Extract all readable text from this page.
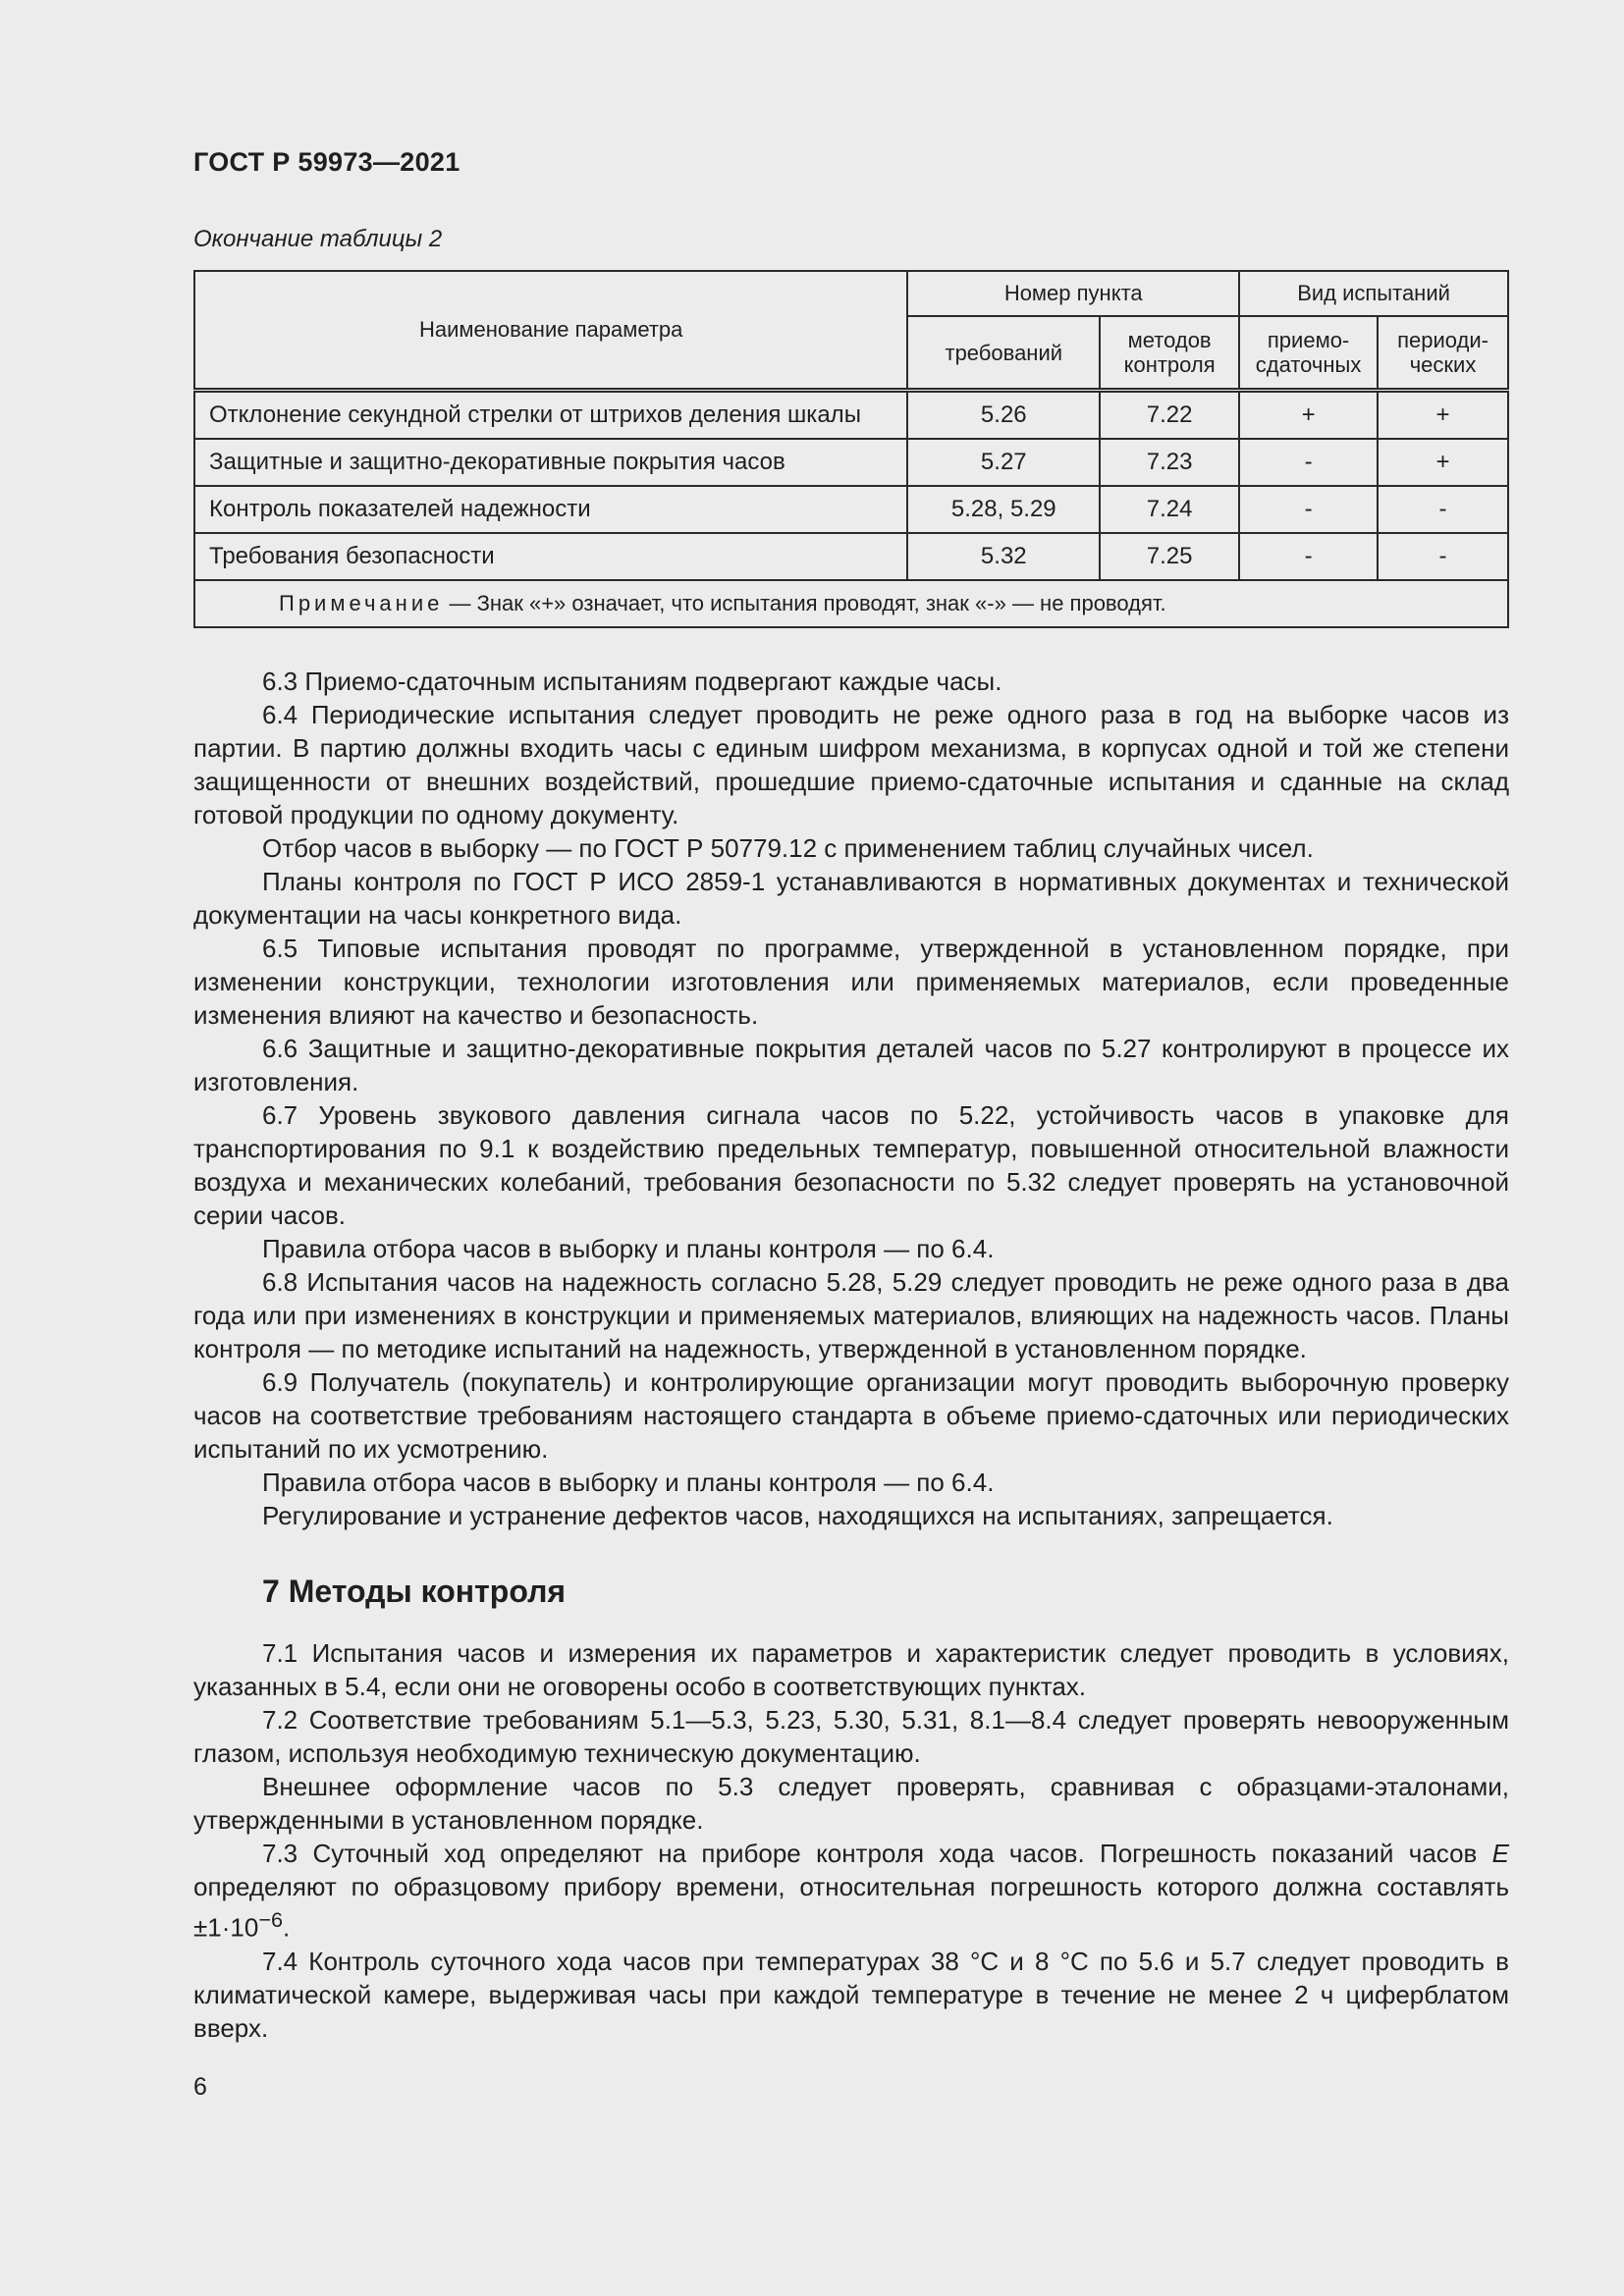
ГОСТ Р 59973—2021
Окончание таблицы 2
Наименование параметра	Номер пункта		Вид испытаний	
	требований	методов контроля	приемо-сдаточных	периоди-ческих
Отклонение секундной стрелки от штрихов деления шкалы	5.26	7.22	+	+
Защитные и защитно-декоративные покрытия часов	5.27	7.23	-	+
Контроль показателей надежности	5.28, 5.29	7.24	-	-
Требования безопасности	5.32	7.25	-	-
Примечание — Знак «+» означает, что испытания проводят, знак «-» — не проводят.				

6.3 Приемо-сдаточным испытаниям подвергают каждые часы.

6.4 Периодические испытания следует проводить не реже одного раза в год на выборке часов из партии. В партию должны входить часы с единым шифром механизма, в корпусах одной и той же степени защищенности от внешних воздействий, прошедшие приемо-сдаточные испытания и сданные на склад готовой продукции по одному документу.

Отбор часов в выборку — по ГОСТ Р 50779.12 с применением таблиц случайных чисел.

Планы контроля по ГОСТ Р ИСО 2859-1 устанавливаются в нормативных документах и техничеcкой документации на часы конкретного вида.

6.5 Типовые испытания проводят по программе, утвержденной в установленном порядке, при изменении конструкции, технологии изготовления или применяемых материалов, если проведенные изменения влияют на качество и безопасность.

6.6 Защитные и защитно-декоративные покрытия деталей часов по 5.27 контролируют в процессе их изготовления.

6.7 Уровень звукового давления сигнала часов по 5.22, устойчивость часов в упаковке для транспортирования по 9.1 к воздействию предельных температур, повышенной относительной влажности воздуха и механических колебаний, требования безопасности по 5.32 следует проверять на установочной серии часов.

Правила отбора часов в выборку и планы контроля — по 6.4.

6.8 Испытания часов на надежность согласно 5.28, 5.29 следует проводить не реже одного раза в два года или при изменениях в конструкции и применяемых материалов, влияющих на надежность часов. Планы контроля — по методике испытаний на надежность, утвержденной в установленном порядке.

6.9 Получатель (покупатель) и контролирующие организации могут проводить выборочную проверку часов на соответствие требованиям настоящего стандарта в объеме приемо-сдаточных или периодических испытаний по их усмотрению.

Правила отбора часов в выборку и планы контроля — по 6.4.

Регулирование и устранение дефектов часов, находящихся на испытаниях, запрещается.

7 Методы контроля

7.1 Испытания часов и измерения их параметров и характеристик следует проводить в условиях, указанных в 5.4, если они не оговорены особо в соответствующих пунктах.

7.2 Соответствие требованиям 5.1—5.3, 5.23, 5.30, 5.31, 8.1—8.4 следует проверять невооруженным глазом, используя необходимую техническую документацию.

Внешнее оформление часов по 5.3 следует проверять, сравнивая с образцами-эталонами, утвержденными в установленном порядке.

7.3 Суточный ход определяют на приборе контроля хода часов. Погрешность показаний часов E определяют по образцовому прибору времени, относительная погрешность которого должна составлять $\pm 1\cdot 10^{-6}$.

7.4 Контроль суточного хода часов при температурах 38 °C и 8 °C по 5.6 и 5.7 следует проводить в климатической камере, выдерживая часы при каждой температуре в течение не менее 2 ч циферблатом вверх.

6
